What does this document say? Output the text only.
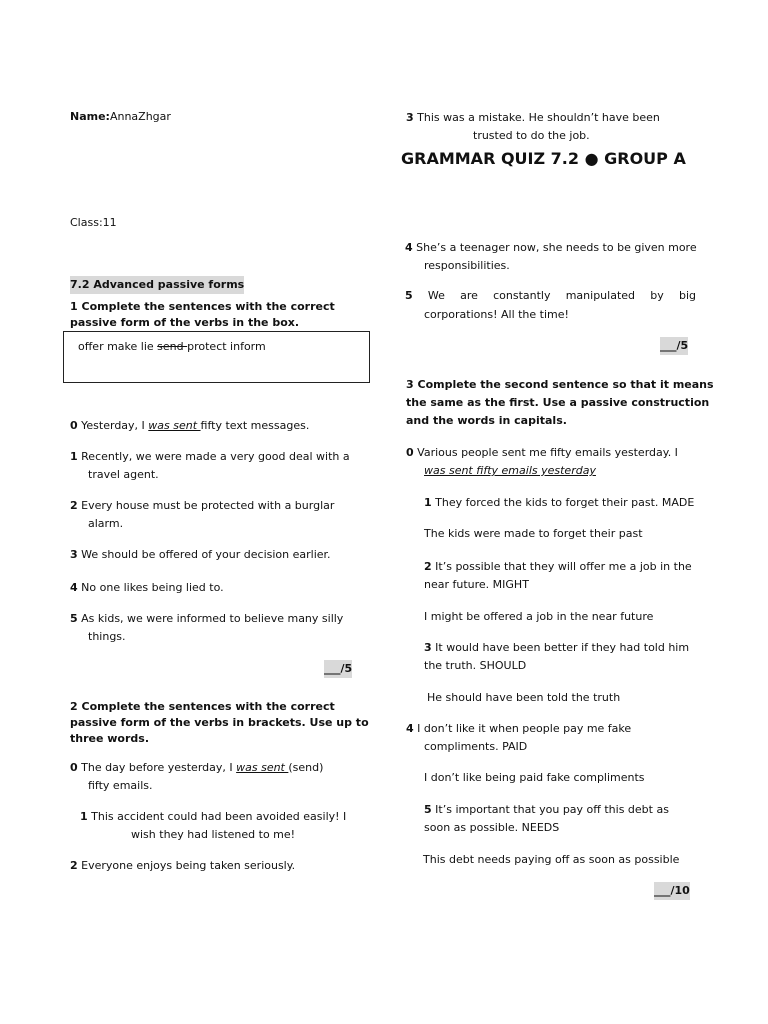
Name:AnnaZhgar
Class:11
7.2 Advanced passive forms
1 Complete the sentences with the correct
passive form of the verbs in the box.
offer make lie send protect inform
0 Yesterday, I was sent fifty text messages.
1 Recently, we were made a very good deal with a
travel agent.
2 Every house must be protected with a burglar
alarm.
3 We should be offered of your decision earlier.
4 No one likes being lied to.
5 As kids, we were informed to believe many silly
things.
___/5
2 Complete the sentences with the correct
passive form of the verbs in brackets. Use up to
three words.
0 The day before yesterday, I was sent (send)
fifty emails.
1 This accident could had been avoided easily! I
wish they had listened to me!
2 Everyone enjoys being taken seriously.
3 This was a mistake. He shouldn’t have been
trusted to do the job.
GRAMMAR QUIZ 7.2 ● GROUP A
4 She’s a teenager now, she needs to be given more
responsibilities.
5 We are constantly manipulated by big
corporations! All the time!
___/5
3 Complete the second sentence so that it means
the same as the first. Use a passive construction
and the words in capitals.
0 Various people sent me fifty emails yesterday. I
was sent fifty emails yesterday
1 They forced the kids to forget their past. MADE
The kids were made to forget their past
2 It’s possible that they will offer me a job in the
near future. MIGHT
I might be offered a job in the near future
3 It would have been better if they had told him
the truth. SHOULD
He should have been told the truth
4 I don’t like it when people pay me fake
compliments. PAID
I don’t like being paid fake compliments
5 It’s important that you pay off this debt as
soon as possible. NEEDS
This debt needs paying off as soon as possible
___/10
